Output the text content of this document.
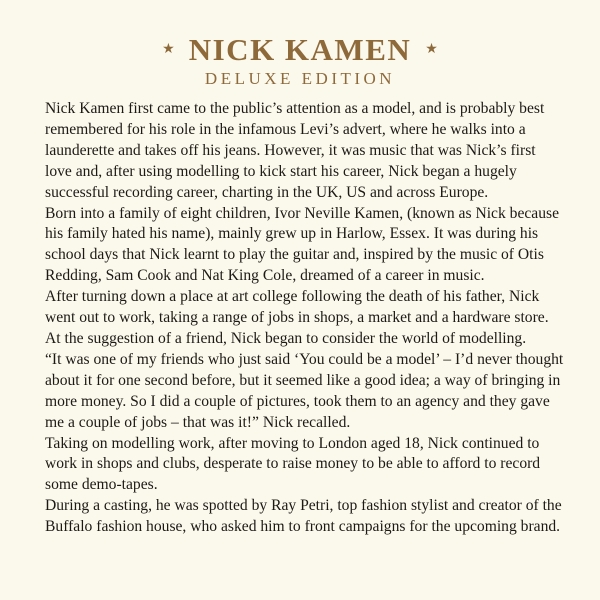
★ NICK KAMEN ★
DELUXE EDITION

Nick Kamen first came to the public’s attention as a model, and is probably best remembered for his role in the infamous Levi’s advert, where he walks into a launderette and takes off his jeans. However, it was music that was Nick’s first love and, after using modelling to kick start his career, Nick began a hugely successful recording career, charting in the UK, US and across Europe.

Born into a family of eight children, Ivor Neville Kamen, (known as Nick because his family hated his name), mainly grew up in Harlow, Essex. It was during his school days that Nick learnt to play the guitar and, inspired by the music of Otis Redding, Sam Cook and Nat King Cole, dreamed of a career in music.

After turning down a place at art college following the death of his father, Nick went out to work, taking a range of jobs in shops, a market and a hardware store. At the suggestion of a friend, Nick began to consider the world of modelling.

“It was one of my friends who just said ‘You could be a model’ – I’d never thought about it for one second before, but it seemed like a good idea; a way of bringing in more money. So I did a couple of pictures, took them to an agency and they gave me a couple of jobs – that was it!” Nick recalled.

Taking on modelling work, after moving to London aged 18, Nick continued to work in shops and clubs, desperate to raise money to be able to afford to record some demo-tapes.

During a casting, he was spotted by Ray Petri, top fashion stylist and creator of the Buffalo fashion house, who asked him to front campaigns for the upcoming brand.
